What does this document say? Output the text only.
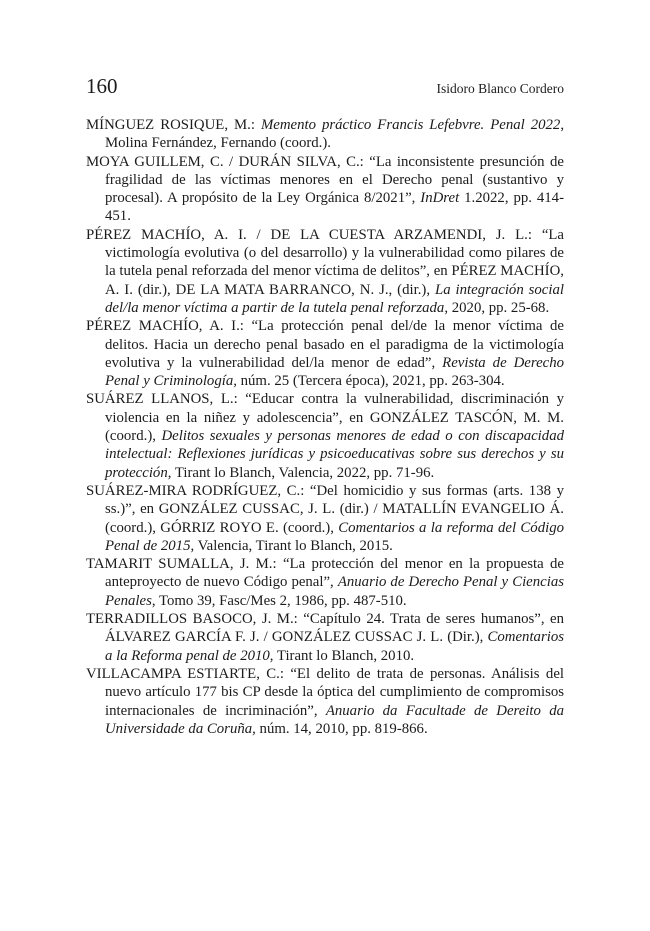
160	Isidoro Blanco Cordero

MÍNGUEZ ROSIQUE, M.: Memento práctico Francis Lefebvre. Penal 2022, Molina Fernández, Fernando (coord.).

MOYA GUILLEM, C. / DURÁN SILVA, C.: “La inconsistente presunción de fragilidad de las víctimas menores en el Derecho penal (sustantivo y procesal). A propósito de la Ley Orgánica 8/2021”, InDret 1.2022, pp. 414-451.

PÉREZ MACHÍO, A. I. / DE LA CUESTA ARZAMENDI, J. L.: “La victimología evolutiva (o del desarrollo) y la vulnerabilidad como pilares de la tutela penal reforzada del menor víctima de delitos”, en PÉREZ MACHÍO, A. I. (dir.), DE LA MATA BARRANCO, N. J., (dir.), La integración social del/la menor víctima a partir de la tutela penal reforzada, 2020, pp. 25-68.

PÉREZ MACHÍO, A. I.: “La protección penal del/de la menor víctima de delitos. Hacia un derecho penal basado en el paradigma de la victimología evolutiva y la vulnerabilidad del/la menor de edad”, Revista de Derecho Penal y Criminología, núm. 25 (Tercera época), 2021, pp. 263-304.

SUÁREZ LLANOS, L.: “Educar contra la vulnerabilidad, discriminación y violencia en la niñez y adolescencia”, en GONZÁLEZ TASCÓN, M. M. (coord.), Delitos sexuales y personas menores de edad o con discapacidad intelectual: Reflexiones jurídicas y psicoeducativas sobre sus derechos y su protección, Tirant lo Blanch, Valencia, 2022, pp. 71-96.

SUÁREZ-MIRA RODRÍGUEZ, C.: “Del homicidio y sus formas (arts. 138 y ss.)”, en GONZÁLEZ CUSSAC, J. L. (dir.) / MATALLÍN EVANGELIO Á. (coord.), GÓRRIZ ROYO E. (coord.), Comentarios a la reforma del Código Penal de 2015, Valencia, Tirant lo Blanch, 2015.

TAMARIT SUMALLA, J. M.: “La protección del menor en la propuesta de anteproyecto de nuevo Código penal”, Anuario de Derecho Penal y Ciencias Penales, Tomo 39, Fasc/Mes 2, 1986, pp. 487-510.

TERRADILLOS BASOCO, J. M.: “Capítulo 24. Trata de seres humanos”, en ÁLVAREZ GARCÍA F. J. / GONZÁLEZ CUSSAC J. L. (Dir.), Comentarios a la Reforma penal de 2010, Tirant lo Blanch, 2010.

VILLACAMPA ESTIARTE, C.: “El delito de trata de personas. Análisis del nuevo artículo 177 bis CP desde la óptica del cumplimiento de compromisos internacionales de incriminación”, Anuario da Facultade de Dereito da Universidade da Coruña, núm. 14, 2010, pp. 819-866.
